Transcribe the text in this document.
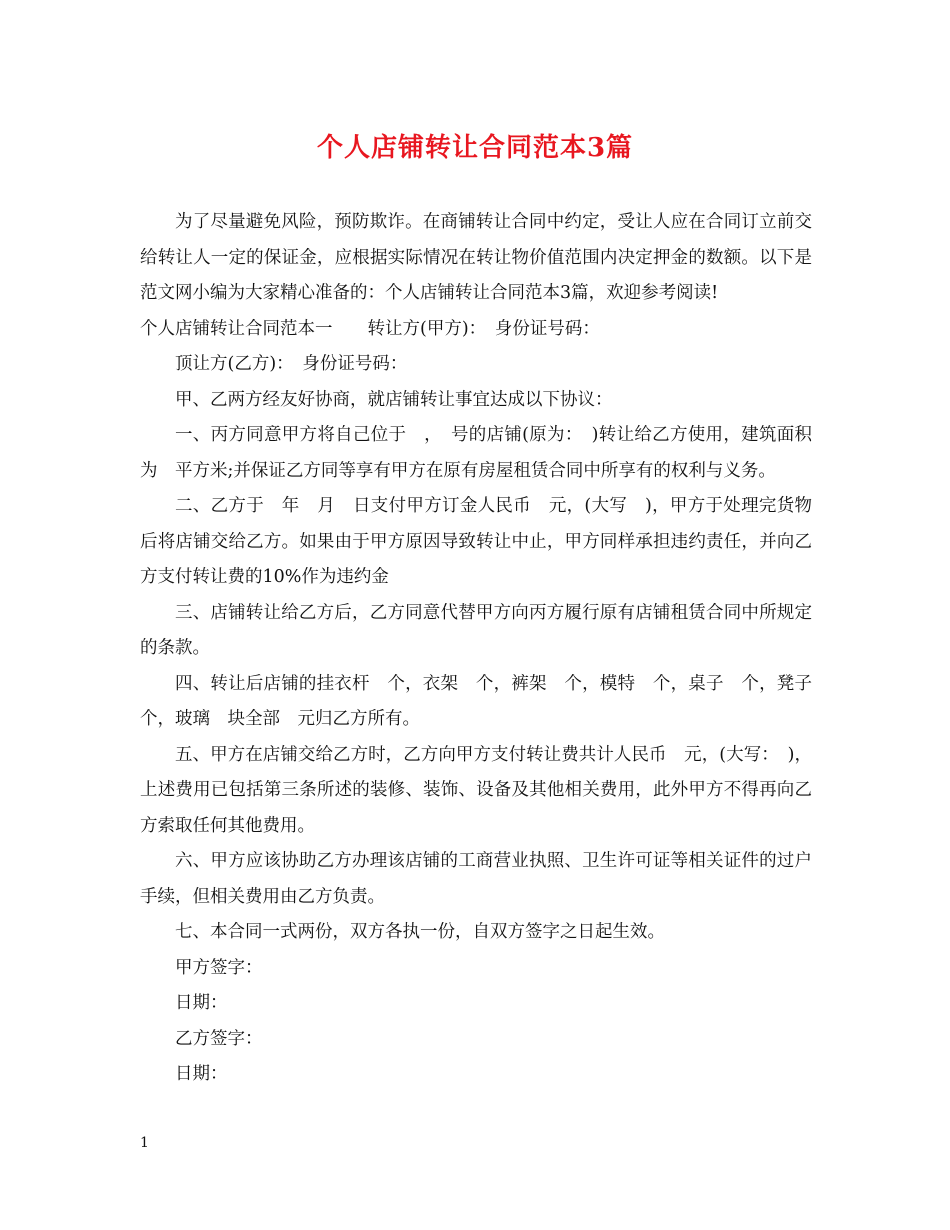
个人店铺转让合同范本3篇

为了尽量避免风险，预防欺诈。在商铺转让合同中约定，受让人应在合同订立前交给转让人一定的保证金，应根据实际情况在转让物价值范围内决定押金的数额。以下是范文网小编为大家精心准备的：个人店铺转让合同范本3篇，欢迎参考阅读!

个人店铺转让合同范本一　　转让方(甲方)：　身份证号码：

顶让方(乙方)：　身份证号码：

甲、乙两方经友好协商，就店铺转让事宜达成以下协议：

一、丙方同意甲方将自己位于　，　号的店铺(原为：　)转让给乙方使用，建筑面积为　平方米;并保证乙方同等享有甲方在原有房屋租赁合同中所享有的权利与义务。

二、乙方于　年　月　日支付甲方订金人民币　元，(大写　)，甲方于处理完货物后将店铺交给乙方。如果由于甲方原因导致转让中止，甲方同样承担违约责任，并向乙方支付转让费的10%作为违约金

三、店铺转让给乙方后，乙方同意代替甲方向丙方履行原有店铺租赁合同中所规定的条款。

四、转让后店铺的挂衣杆　个，衣架　个，裤架　个，模特　个，桌子　个，凳子　个，玻璃　块全部　元归乙方所有。

五、甲方在店铺交给乙方时，乙方向甲方支付转让费共计人民币　元，(大写：　)，上述费用已包括第三条所述的装修、装饰、设备及其他相关费用，此外甲方不得再向乙方索取任何其他费用。

六、甲方应该协助乙方办理该店铺的工商营业执照、卫生许可证等相关证件的过户手续，但相关费用由乙方负责。

七、本合同一式两份，双方各执一份，自双方签字之日起生效。

甲方签字：

日期：

乙方签字：

日期：

1
